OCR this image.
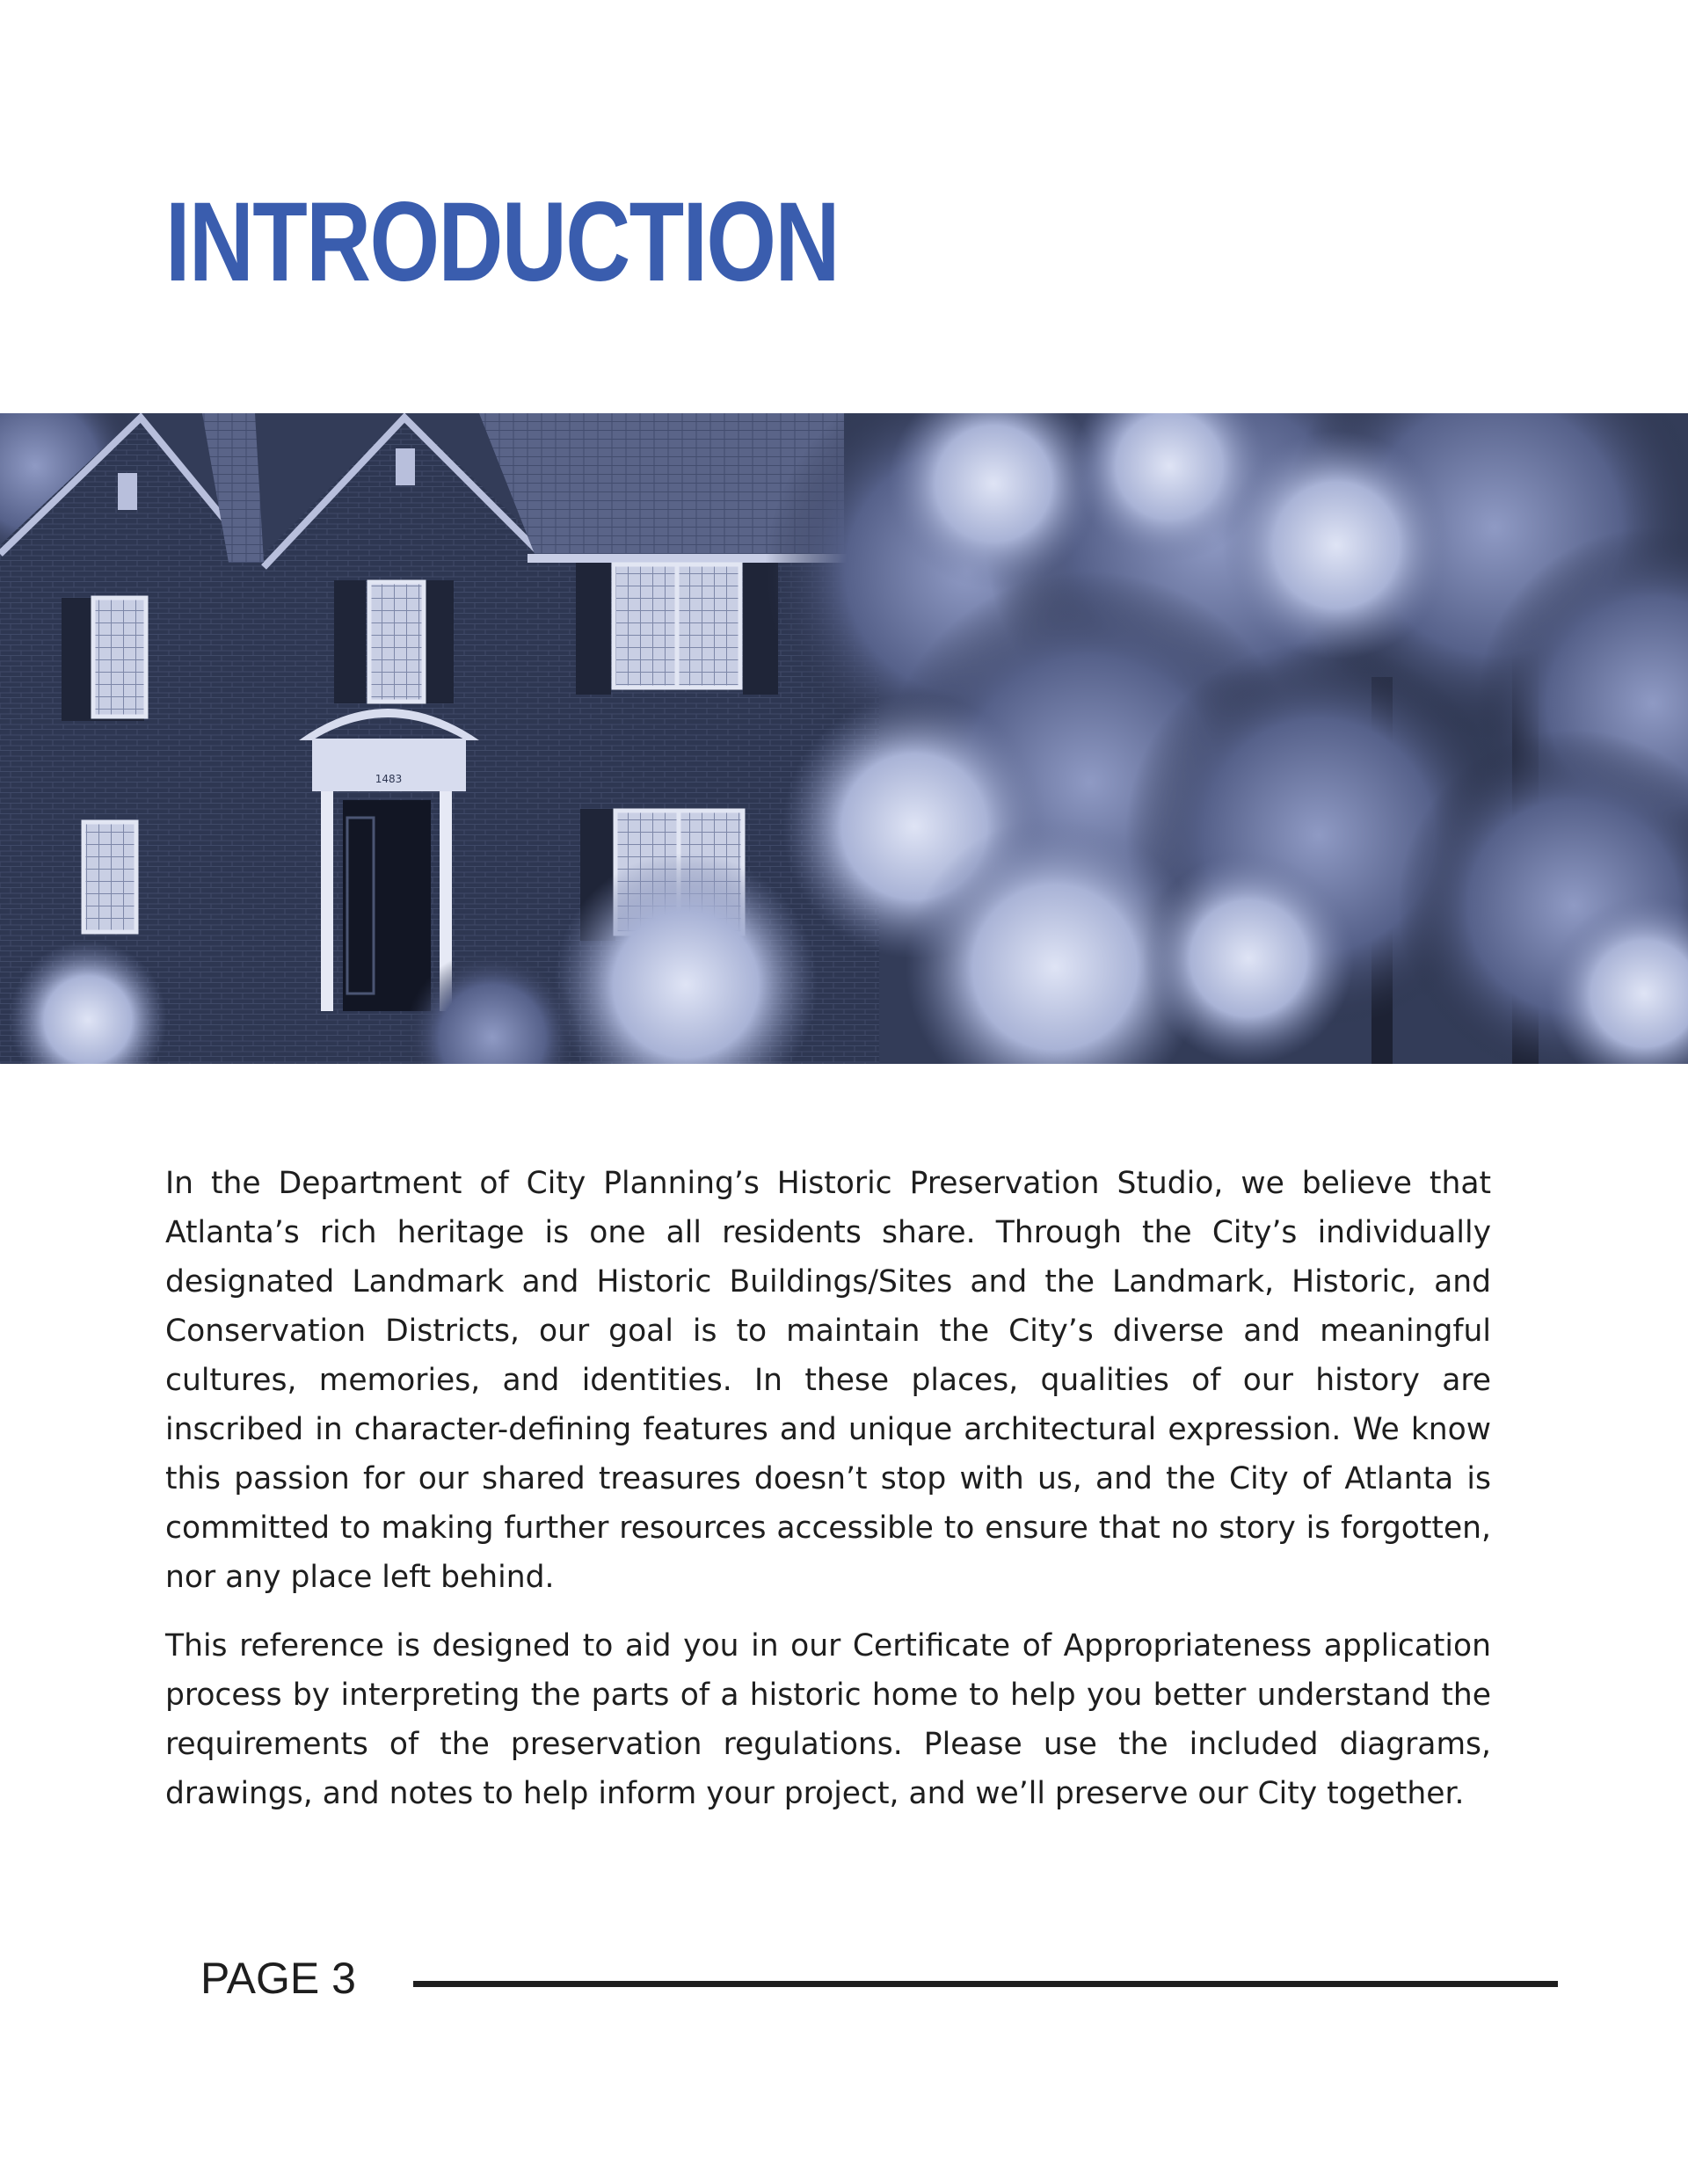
INTRODUCTION
1483

In the Department of City Planning’s Historic Preservation Studio, we believe that Atlanta’s rich heritage is one all residents share. Through the City’s individually designated Landmark and Historic Buildings/Sites and the Landmark, Historic, and Conservation Districts, our goal is to maintain the City’s diverse and meaningful cultures, memories, and identities. In these places, qualities of our history are inscribed in character-defining features and unique architectural expression. We know this passion for our shared treasures doesn’t stop with us, and the City of Atlanta is committed to making further resources accessible to ensure that no story is forgotten, nor any place left behind.

This reference is designed to aid you in our Certificate of Appropriateness application process by interpreting the parts of a historic home to help you better understand the requirements of the preservation regulations. Please use the included diagrams, drawings, and notes to help inform your project, and we’ll preserve our City together.

PAGE 3
